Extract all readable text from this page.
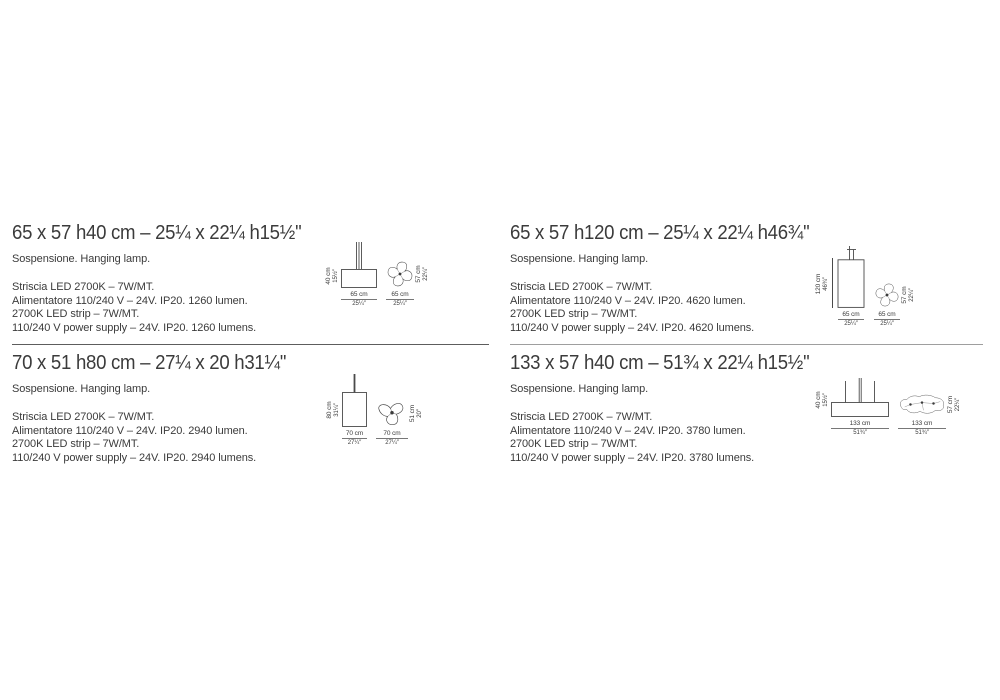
65 x 57 h40 cm – 25¼ x 22¼ h15½''

Sospensione. Hanging lamp.

Striscia LED 2700K – 7W/MT.

Alimentatore 110/240 V – 24V. IP20. 1260 lumen.

2700K LED strip – 7W/MT.

110/240 V power supply – 24V. IP20. 1260 lumens.

40 cm 15½″
65 cm
25¼″
57 cm 22¼″
65 cm
25¼″
65 x 57 h120 cm – 25¼ x 22¼ h46¾''

Sospensione. Hanging lamp.

Striscia LED 2700K – 7W/MT.

Alimentatore 110/240 V – 24V. IP20. 4620 lumen.

2700K LED strip – 7W/MT.

110/240 V power supply – 24V. IP20. 4620 lumens.

120 cm 46¾″
65 cm
25¼″
57 cm 22¼″
65 cm
25¼″
70 x 51 h80 cm – 27¼ x 20 h31¼''

Sospensione. Hanging lamp.

Striscia LED 2700K – 7W/MT.

Alimentatore 110/240 V – 24V. IP20. 2940 lumen.

2700K LED strip – 7W/MT.

110/240 V power supply – 24V. IP20. 2940 lumens.

80 cm 31¼″
70 cm
27¼″
51 cm 20″
70 cm
27¼″
133 x 57 h40 cm – 51¾ x 22¼ h15½''

Sospensione. Hanging lamp.

Striscia LED 2700K – 7W/MT.

Alimentatore 110/240 V – 24V. IP20. 3780 lumen.

2700K LED strip – 7W/MT.

110/240 V power supply – 24V. IP20. 3780 lumens.

40 cm 15½″
133 cm
51¾″
57 cm 22¼″
133 cm
51¾″
